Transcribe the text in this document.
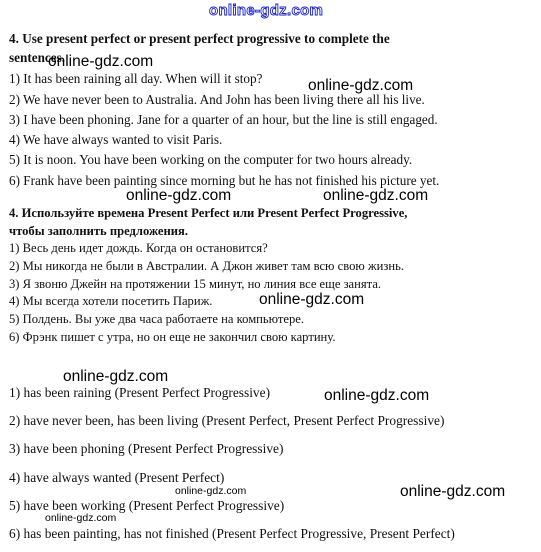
online-gdz.com
4. Use present perfect or present perfect progressive to complete the
sentences.
online-gdz.com
1) It has been raining all day. When will it stop?	online-gdz.com
2) We have never been to Australia. And John has been living there all his live.
3) I have been phoning. Jane for a quarter of an hour, but the line is still engaged.
4) We have always wanted to visit Paris.
5) It is noon. You have been working on the computer for two hours already.
6) Frank have been painting since morning but he has not finished his picture yet.
online-gdz.com	online-gdz.com
4. Используйте времена Present Perfect или Present Perfect Progressive,
чтобы заполнить предложения.
1) Весь день идет дождь. Когда он остановится?
2) Мы никогда не были в Австралии. А Джон живет там всю свою жизнь.
3) Я звоню Джейн на протяжении 15 минут, но линия все еще занята.
4) Мы всегда хотели посетить Париж.	online-gdz.com
5) Полдень. Вы уже два часа работаете на компьютере.
6) Фрэнк пишет с утра, но он еще не закончил свою картину.
online-gdz.com
1) has been raining (Present Perfect Progressive)	online-gdz.com
2) have never been, has been living (Present Perfect, Present Perfect Progressive)
3) have been phoning (Present Perfect Progressive)
4) have always wanted (Present Perfect)
online-gdz.com	online-gdz.com
5) have been working (Present Perfect Progressive)
online-gdz.com
6) has been painting, has not finished (Present Perfect Progressive, Present Perfect)
